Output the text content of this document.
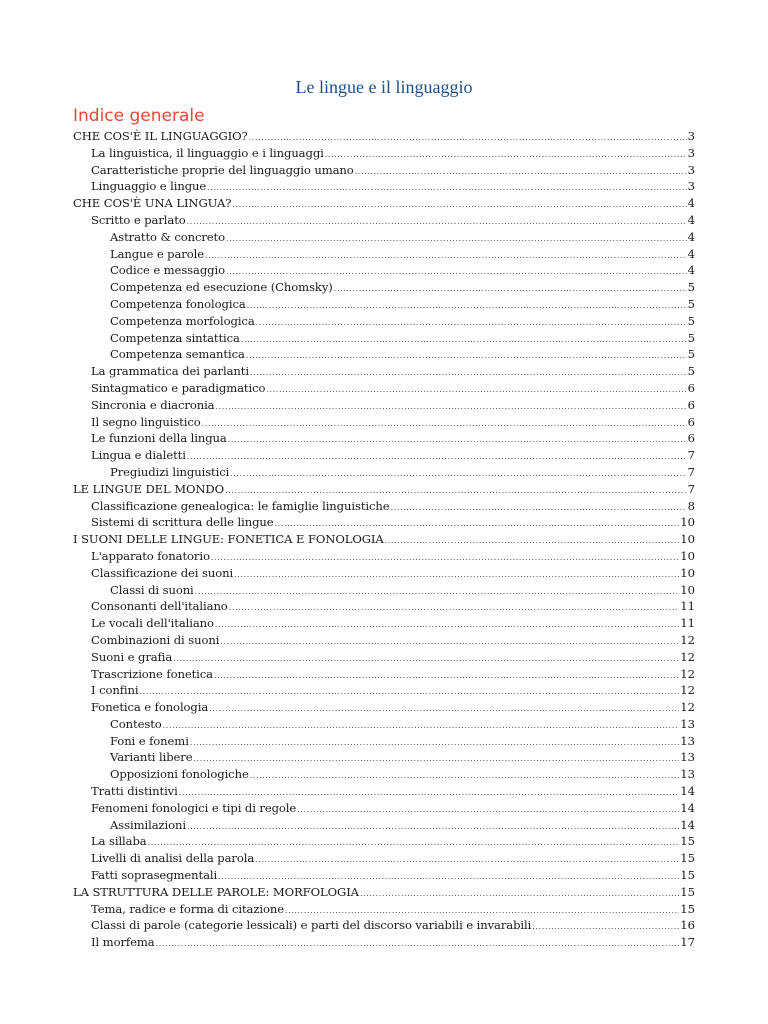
Le lingue e il linguaggio
Indice generale
CHE COS'È IL LINGUAGGIO? .....	3
La linguistica, il linguaggio e i linguaggi .....	3
Caratteristiche proprie del linguaggio umano .....	3
Linguaggio e lingue .....	3
CHE COS'È UNA LINGUA? .....	4
Scritto e parlato .....	4
Astratto & concreto .....	4
Langue e parole .....	4
Codice e messaggio .....	4
Competenza ed esecuzione (Chomsky) .....	5
Competenza fonologica .....	5
Competenza morfologica .....	5
Competenza sintattica .....	5
Competenza semantica .....	5
La grammatica dei parlanti .....	5
Sintagmatico e paradigmatico .....	6
Sincronia e diacronia .....	6
Il segno linguistico .....	6
Le funzioni della lingua .....	6
Lingua e dialetti .....	7
Pregiudizi linguistici .....	7
LE LINGUE DEL MONDO .....	7
Classificazione genealogica: le famiglie linguistiche .....	8
Sistemi di scrittura delle lingue .....	10
I SUONI DELLE LINGUE: FONETICA E FONOLOGIA .....	10
L'apparato fonatorio .....	10
Classificazione dei suoni .....	10
Classi di suoni .....	10
Consonanti dell'italiano .....	11
Le vocali dell'italiano .....	11
Combinazioni di suoni .....	12
Suoni e grafia .....	12
Trascrizione fonetica .....	12
I confini .....	12
Fonetica e fonologia .....	12
Contesto .....	13
Foni e fonemi .....	13
Varianti libere .....	13
Opposizioni fonologiche .....	13
Tratti distintivi .....	14
Fenomeni fonologici e tipi di regole .....	14
Assimilazioni .....	14
La sillaba .....	15
Livelli di analisi della parola .....	15
Fatti soprasegmentali .....	15
LA STRUTTURA DELLE PAROLE: MORFOLOGIA .....	15
Tema, radice e forma di citazione .....	15
Classi di parole (categorie lessicali) e parti del discorso variabili e invarabili .....	16
Il morfema .....	17
